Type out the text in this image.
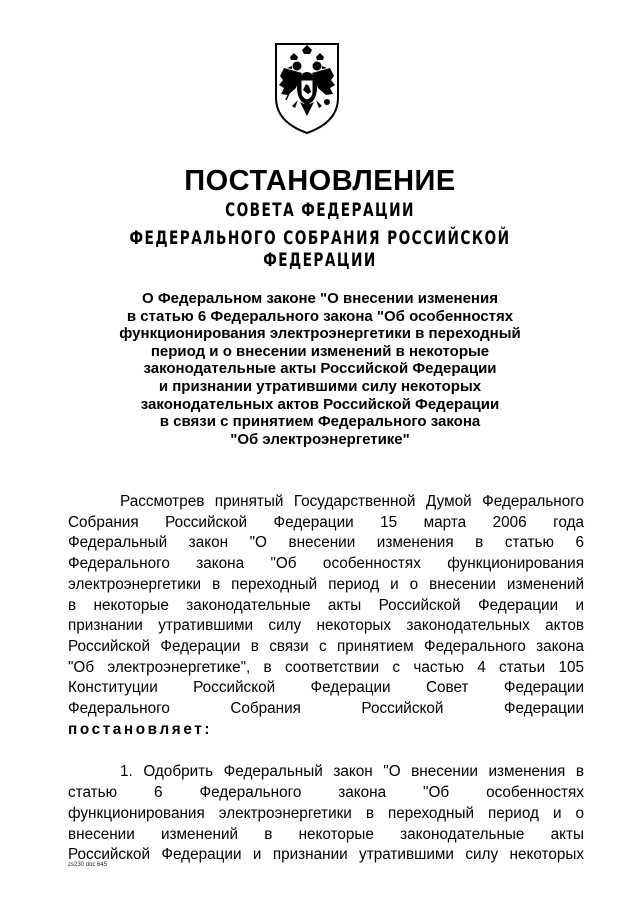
ПОСТАНОВЛЕНИЕ
СОВЕТА ФЕДЕРАЦИИ
ФЕДЕРАЛЬНОГО СОБРАНИЯ РОССИЙСКОЙ ФЕДЕРАЦИИ
О Федеральном законе "О внесении изменения
в статью 6 Федерального закона "Об особенностях
функционирования электроэнергетики в переходный
период и о внесении изменений в некоторые
законодательные акты Российской Федерации
и признании утратившими силу некоторых
законодательных актов Российской Федерации
в связи с принятием Федерального закона
"Об электроэнергетике"
Рассмотрев принятый Государственной Думой Федерального
Собрания Российской Федерации 15 марта 2006 года
Федеральный закон "О внесении изменения в статью 6
Федерального закона "Об особенностях функционирования
электроэнергетики в переходный период и о внесении изменений
в некоторые законодательные акты Российской Федерации и
признании утратившими силу некоторых законодательных актов
Российской Федерации в связи с принятием Федерального закона
"Об электроэнергетике", в соответствии с частью 4 статьи 105
Конституции Российской Федерации Совет Федерации
Федерального Собрания Российской Федерации
постановляет:
1. Одобрить Федеральный закон "О внесении изменения в
статью 6 Федерального закона "Об особенностях
функционирования электроэнергетики в переходный период и о
внесении изменений в некоторые законодательные акты
Российской Федерации и признании утратившими силу некоторых
zs230 doc 645
